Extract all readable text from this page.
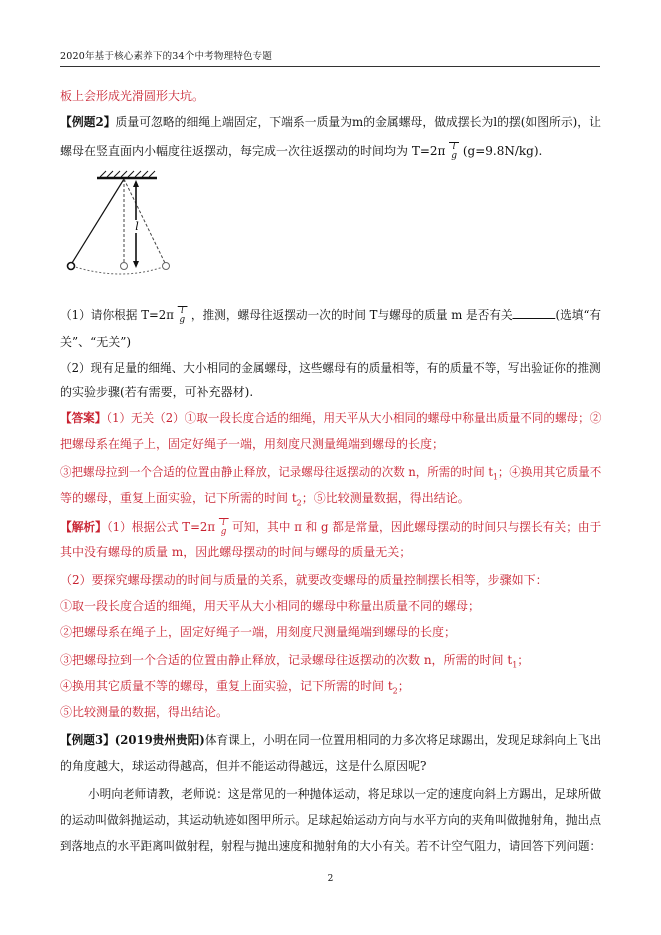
2020年基于核心素养下的34个中考物理特色专题
板上会形成光滑圆形大坑。
【例题2】质量可忽略的细绳上端固定，下端系一质量为m的金属螺母，做成摆长为l的摆(如图所示)，让
螺母在竖直面内小幅度往返摆动，每完成一次往返摆动的时间均为 T=2π l
g (g=9.8N/kg).
l
（1）请你根据 T=2π l
g ，推测，螺母往返摆动一次的时间 T与螺母的质量 m 是否有关	(选填“有
关”、“无关”)
（2）现有足量的细绳、大小相同的金属螺母，这些螺母有的质量相等，有的质量不等，写出验证你的推测
的实验步骤(若有需要，可补充器材).
【答案】（1）无关（2）①取一段长度合适的细绳，用天平从大小相同的螺母中称量出质量不同的螺母；②
把螺母系在绳子上，固定好绳子一端，用刻度尺测量绳端到螺母的长度；
③把螺母拉到一个合适的位置由静止释放，记录螺母往返摆动的次数 n，所需的时间 $t_1$；④换用其它质量不
等的螺母，重复上面实验，记下所需的时间 $t_2$；⑤比较测量数据，得出结论。
【解析】（1）根据公式 T=2π l
g 可知，其中 π 和 g 都是常量，因此螺母摆动的时间只与摆长有关；由于
其中没有螺母的质量 m，因此螺母摆动的时间与螺母的质量无关；
（2）要探究螺母摆动的时间与质量的关系，就要改变螺母的质量控制摆长相等，步骤如下：
①取一段长度合适的细绳，用天平从大小相同的螺母中称量出质量不同的螺母；
②把螺母系在绳子上，固定好绳子一端，用刻度尺测量绳端到螺母的长度；
③把螺母拉到一个合适的位置由静止释放，记录螺母往返摆动的次数 n，所需的时间 $t_1$；
④换用其它质量不等的螺母，重复上面实验，记下所需的时间 $t_2$；
⑤比较测量的数据，得出结论。
【例题3】(2019贵州贵阳)体育课上，小明在同一位置用相同的力多次将足球踢出，发现足球斜向上飞出
的角度越大，球运动得越高，但并不能运动得越远，这是什么原因呢?
小明向老师请教，老师说：这是常见的一种抛体运动，将足球以一定的速度向斜上方踢出，足球所做
的运动叫做斜抛运动，其运动轨迹如图甲所示。足球起始运动方向与水平方向的夹角叫做抛射角，抛出点
到落地点的水平距离叫做射程，射程与抛出速度和抛射角的大小有关。若不计空气阻力，请回答下列问题：
2
